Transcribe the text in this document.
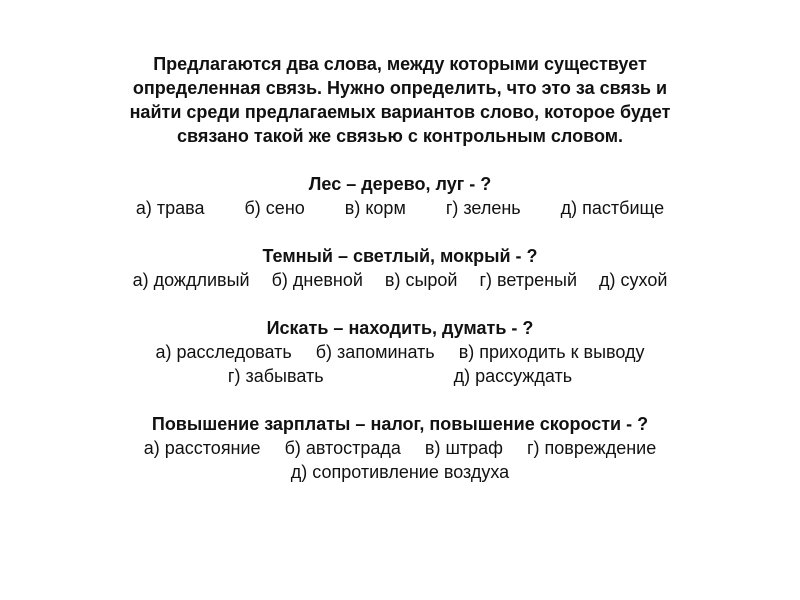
Предлагаются два слова, между которыми существует
определенная связь. Нужно определить, что это за связь и
найти среди предлагаемых вариантов слово, которое будет
связано такой же связью с контрольным словом.

Лес – дерево, луг - ?

а) трава б) сено в) корм г) зелень д) пастбище

Темный – светлый, мокрый - ?

а) дождливый б) дневной в) сырой г) ветреный д) сухой

Искать – находить, думать - ?

а) расследовать б) запоминать в) приходить к выводу

г) забывать	д) рассуждать

Повышение зарплаты – налог, повышение скорости - ?

а) расстояние б) автострада в) штраф г) повреждение

д) сопротивление воздуха
